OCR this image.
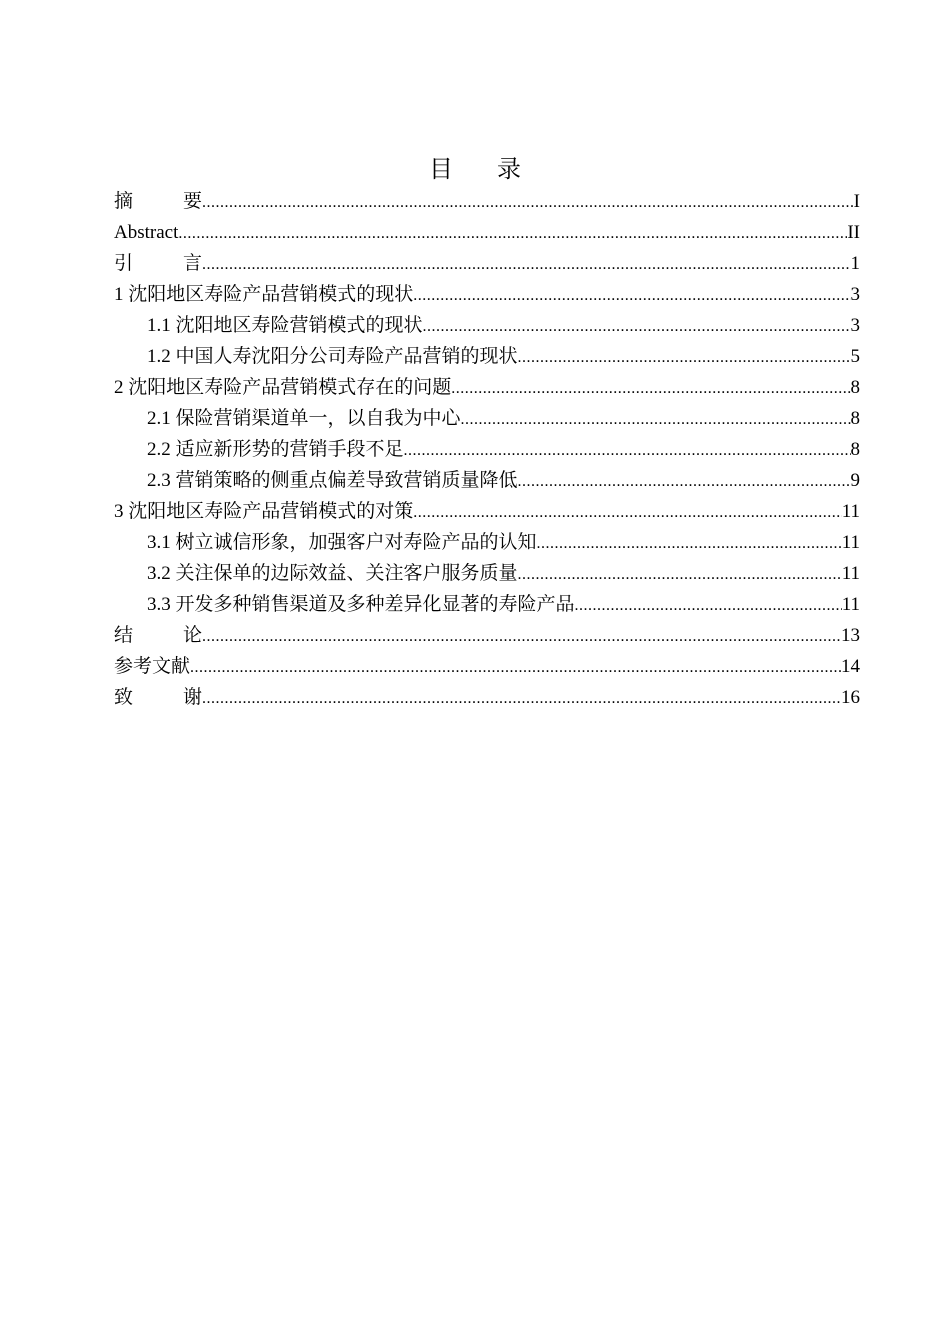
目 录
摘	要 .....	I
Abstract .....	II
引	言 .....	1
1 沈阳地区寿险产品营销模式的现状 .....	3
1.1 沈阳地区寿险营销模式的现状 .....	3
1.2 中国人寿沈阳分公司寿险产品营销的现状 .....	5
2 沈阳地区寿险产品营销模式存在的问题 .....	8
2.1 保险营销渠道单一，以自我为中心 .....	8
2.2 适应新形势的营销手段不足 .....	8
2.3 营销策略的侧重点偏差导致营销质量降低 .....	9
3 沈阳地区寿险产品营销模式的对策 .....	11
3.1 树立诚信形象，加强客户对寿险产品的认知 .....	11
3.2 关注保单的边际效益、关注客户服务质量 .....	11
3.3 开发多种销售渠道及多种差异化显著的寿险产品 .....	11
结	论 .....	13
参考文献 .....	14
致	谢 .....	16
